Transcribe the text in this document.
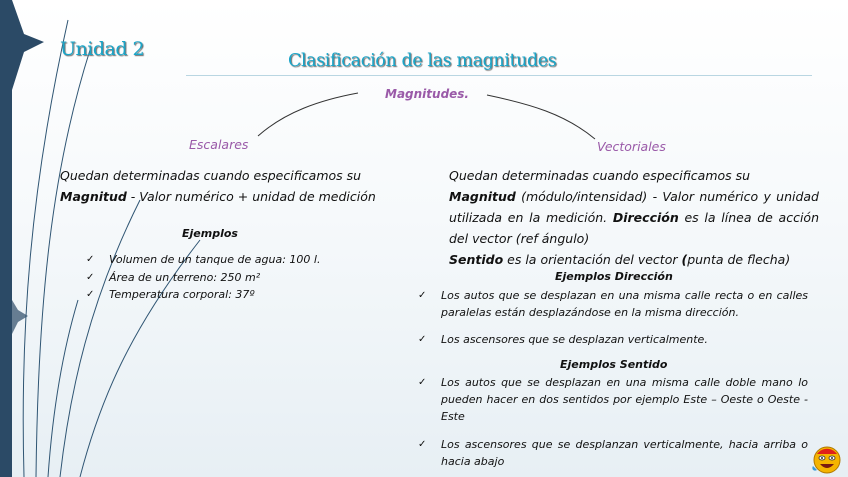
Unidad 2
Clasificación de las magnitudes
Magnitudes.
Escalares	Vectoriales
Quedan determinadas cuando especificamos su
Magnitud - Valor numérico + unidad de medición

Quedan determinadas cuando especificamos su

Magnitud (módulo/intensidad) - Valor numérico y unidad utilizada en la medición. Dirección es la línea de acción del vector (ref ángulo)

Sentido es la orientación del vector (punta de flecha)

Ejemplos
✓ Volumen de un tanque de agua: 100 l.
✓ Área de un terreno: 250 m²
✓ Temperatura corporal: 37º
Ejemplos Dirección
✓ Los autos que se desplazan en una misma calle recta o en calles paralelas están desplazándose en la misma dirección.
✓ Los ascensores que se desplazan verticalmente.
Ejemplos Sentido
✓ Los autos que se desplazan en una misma calle doble mano lo pueden hacer en dos sentidos por ejemplo Este – Oeste o Oeste - Este
✓ Los ascensores que se desplanzan verticalmente, hacia arriba o hacia abajo
